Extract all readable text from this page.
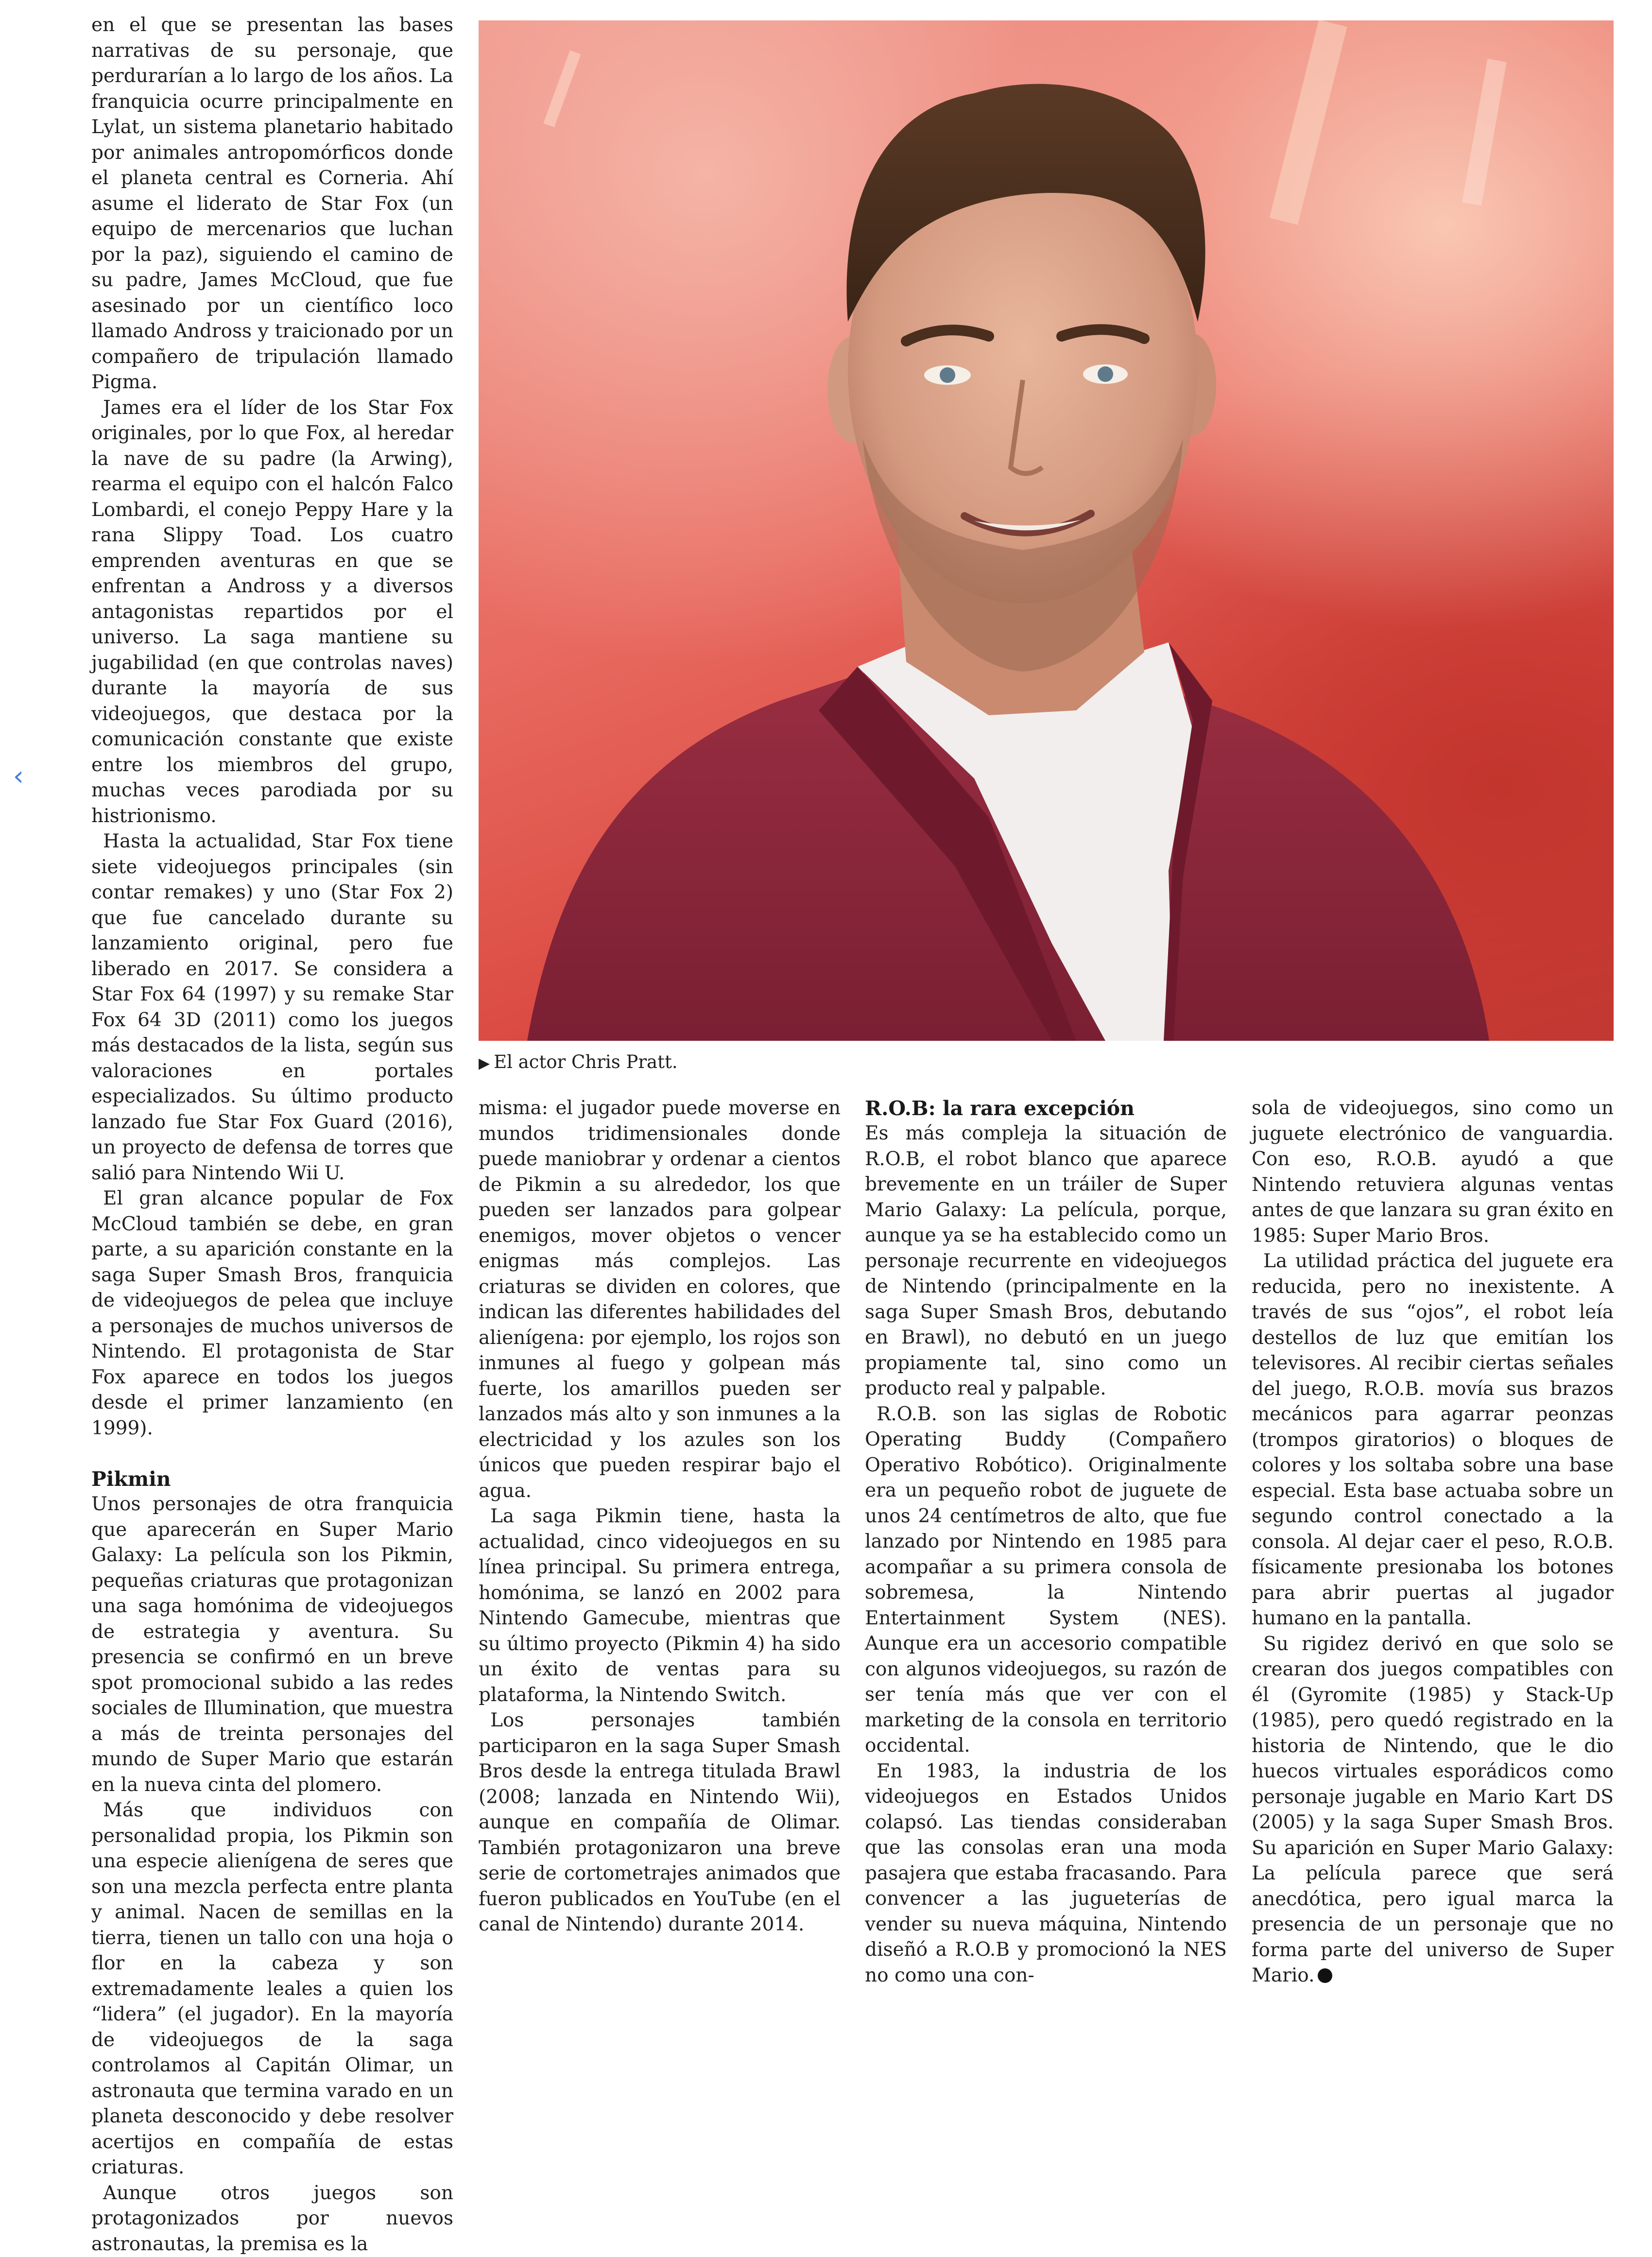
‹

en el que se presentan las bases narrativas de su personaje, que perdurarían a lo largo de los años. La franquicia ocurre principalmente en Lylat, un sistema planetario habitado por animales antropomórficos donde el planeta central es Corneria. Ahí asume el liderato de Star Fox (un equipo de mercenarios que luchan por la paz), siguiendo el camino de su padre, James McCloud, que fue asesinado por un científico loco llamado Andross y traicionado por un compañero de tripulación llamado Pigma.

James era el líder de los Star Fox originales, por lo que Fox, al heredar la nave de su padre (la Arwing), rearma el equipo con el halcón Falco Lombardi, el conejo Peppy Hare y la rana Slippy Toad. Los cuatro emprenden aventuras en que se enfrentan a Andross y a diversos antagonistas repartidos por el universo. La saga mantiene su jugabilidad (en que controlas naves) durante la mayoría de sus videojuegos, que destaca por la comunicación constante que existe entre los miembros del grupo, muchas veces parodiada por su histrionismo.

Hasta la actualidad, Star Fox tiene siete videojuegos principales (sin contar remakes) y uno (Star Fox 2) que fue cancelado durante su lanzamiento original, pero fue liberado en 2017. Se considera a Star Fox 64 (1997) y su remake Star Fox 64 3D (2011) como los juegos más destacados de la lista, según sus valoraciones en portales especializados. Su último producto lanzado fue Star Fox Guard (2016), un proyecto de defensa de torres que salió para Nintendo Wii U.

El gran alcance popular de Fox McCloud también se debe, en gran parte, a su aparición constante en la saga Super Smash Bros, franquicia de videojuegos de pelea que incluye a personajes de muchos universos de Nintendo. El protagonista de Star Fox aparece en todos los juegos desde el primer lanzamiento (en 1999).

Pikmin

Unos personajes de otra franquicia que aparecerán en Super Mario Galaxy: La película son los Pikmin, pequeñas criaturas que protagonizan una saga homónima de videojuegos de estrategia y aventura. Su presencia se confirmó en un breve spot promocional subido a las redes sociales de Illumination, que muestra a más de treinta personajes del mundo de Super Mario que estarán en la nueva cinta del plomero.

Más que individuos con personalidad propia, los Pikmin son una especie alienígena de seres que son una mezcla perfecta entre planta y animal. Nacen de semillas en la tierra, tienen un tallo con una hoja o flor en la cabeza y son extremadamente leales a quien los “lidera” (el jugador). En la mayoría de videojuegos de la saga controlamos al Capitán Olimar, un astronauta que termina varado en un planeta desconocido y debe resolver acertijos en compañía de estas criaturas.

Aunque otros juegos son protagonizados por nuevos astronautas, la premisa es la

▶ El actor Chris Pratt.

misma: el jugador puede moverse en mundos tridimensionales donde puede maniobrar y ordenar a cientos de Pikmin a su alrededor, los que pueden ser lanzados para golpear enemigos, mover objetos o vencer enigmas más complejos. Las criaturas se dividen en colores, que indican las diferentes habilidades del alienígena: por ejemplo, los rojos son inmunes al fuego y golpean más fuerte, los amarillos pueden ser lanzados más alto y son inmunes a la electricidad y los azules son los únicos que pueden respirar bajo el agua.

La saga Pikmin tiene, hasta la actualidad, cinco videojuegos en su línea principal. Su primera entrega, homónima, se lanzó en 2002 para Nintendo Gamecube, mientras que su último proyecto (Pikmin 4) ha sido un éxito de ventas para su plataforma, la Nintendo Switch.

Los personajes también participaron en la saga Super Smash Bros desde la entrega titulada Brawl (2008; lanzada en Nintendo Wii), aunque en compañía de Olimar. También protagonizaron una breve serie de cortometrajes animados que fueron publicados en YouTube (en el canal de Nintendo) durante 2014.

R.O.B: la rara excepción

Es más compleja la situación de R.O.B, el robot blanco que aparece brevemente en un tráiler de Super Mario Galaxy: La película, porque, aunque ya se ha establecido como un personaje recurrente en videojuegos de Nintendo (principalmente en la saga Super Smash Bros, debutando en Brawl), no debutó en un juego propiamente tal, sino como un producto real y palpable.

R.O.B. son las siglas de Robotic Operating Buddy (Compañero Operativo Robótico). Originalmente era un pequeño robot de juguete de unos 24 centímetros de alto, que fue lanzado por Nintendo en 1985 para acompañar a su primera consola de sobremesa, la Nintendo Entertainment System (NES). Aunque era un accesorio compatible con algunos videojuegos, su razón de ser tenía más que ver con el marketing de la consola en territorio occidental.

En 1983, la industria de los videojuegos en Estados Unidos colapsó. Las tiendas consideraban que las consolas eran una moda pasajera que estaba fracasando. Para convencer a las jugueterías de vender su nueva máquina, Nintendo diseñó a R.O.B y promocionó la NES no como una con-

sola de videojuegos, sino como un juguete electrónico de vanguardia. Con eso, R.O.B. ayudó a que Nintendo retuviera algunas ventas antes de que lanzara su gran éxito en 1985: Super Mario Bros.

La utilidad práctica del juguete era reducida, pero no inexistente. A través de sus “ojos”, el robot leía destellos de luz que emitían los televisores. Al recibir ciertas señales del juego, R.O.B. movía sus brazos mecánicos para agarrar peonzas (trompos giratorios) o bloques de colores y los soltaba sobre una base especial. Esta base actuaba sobre un segundo control conectado a la consola. Al dejar caer el peso, R.O.B. físicamente presionaba los botones para abrir puertas al jugador humano en la pantalla.

Su rigidez derivó en que solo se crearan dos juegos compatibles con él (Gyromite (1985) y Stack-Up (1985), pero quedó registrado en la historia de Nintendo, que le dio huecos virtuales esporádicos como personaje jugable en Mario Kart DS (2005) y la saga Super Smash Bros. Su aparición en Super Mario Galaxy: La película parece que será anecdótica, pero igual marca la presencia de un personaje que no forma parte del universo de Super Mario.
